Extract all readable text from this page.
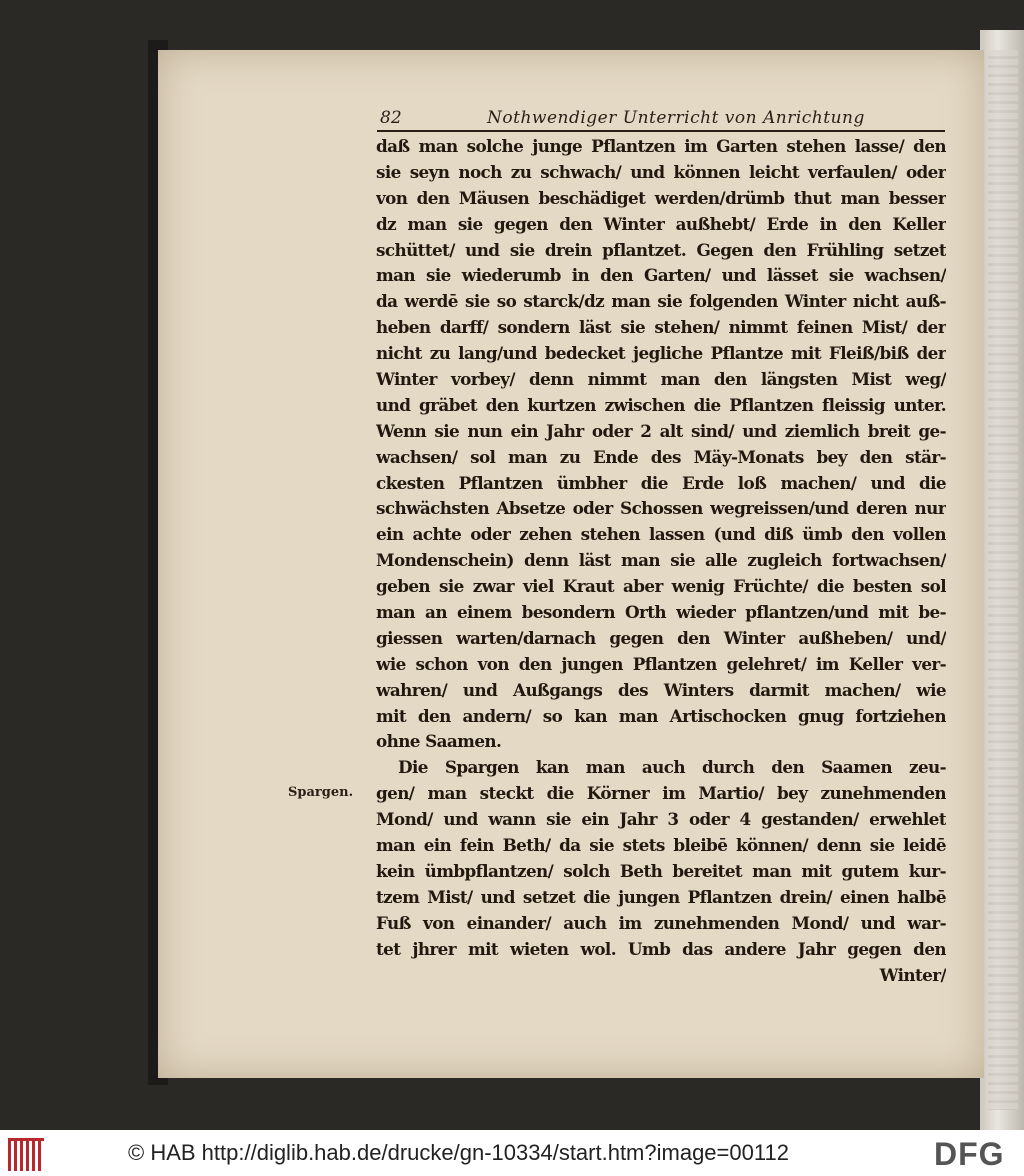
82	Nothwendiger Unterricht von Anrichtung
Spargen.
daß man solche junge Pflantzen im Garten stehen lasse/ den
sie seyn noch zu schwach/ und können leicht verfaulen/ oder
von den Mäusen beschädiget werden/drümb thut man besser
dz man sie gegen den Winter außhebt/ Erde in den Keller
schüttet/ und sie drein pflantzet. Gegen den Frühling setzet
man sie wiederumb in den Garten/ und lässet sie wachsen/
da werdē sie so starck/dz man sie folgenden Winter nicht auß-
heben darff/ sondern läst sie stehen/ nimmt feinen Mist/ der
nicht zu lang/und bedecket jegliche Pflantze mit Fleiß/biß der
Winter vorbey/ denn nimmt man den längsten Mist weg/
und gräbet den kurtzen zwischen die Pflantzen fleissig unter.
Wenn sie nun ein Jahr oder 2 alt sind/ und ziemlich breit ge-
wachsen/ sol man zu Ende des Mäy-Monats bey den stär-
ckesten Pflantzen ümbher die Erde loß machen/ und die
schwächsten Absetze oder Schossen wegreissen/und deren nur
ein achte oder zehen stehen lassen (und diß ümb den vollen
Mondenschein) denn läst man sie alle zugleich fortwachsen/
geben sie zwar viel Kraut aber wenig Früchte/ die besten sol
man an einem besondern Orth wieder pflantzen/und mit be-
giessen warten/darnach gegen den Winter außheben/ und/
wie schon von den jungen Pflantzen gelehret/ im Keller ver-
wahren/ und Außgangs des Winters darmit machen/ wie
mit den andern/ so kan man Artischocken gnug fortziehen
ohne Saamen.
Die Spargen kan man auch durch den Saamen zeu-
gen/ man steckt die Körner im Martio/ bey zunehmenden
Mond/ und wann sie ein Jahr 3 oder 4 gestanden/ erwehlet
man ein fein Beth/ da sie stets bleibē können/ denn sie leidē
kein ümbpflantzen/ solch Beth bereitet man mit gutem kur-
tzem Mist/ und setzet die jungen Pflantzen drein/ einen halbē
Fuß von einander/ auch im zunehmenden Mond/ und war-
tet jhrer mit wieten wol. Umb das andere Jahr gegen den
Winter/
© HAB http://diglib.hab.de/drucke/gn-10334/start.htm?image=00112	DFG
